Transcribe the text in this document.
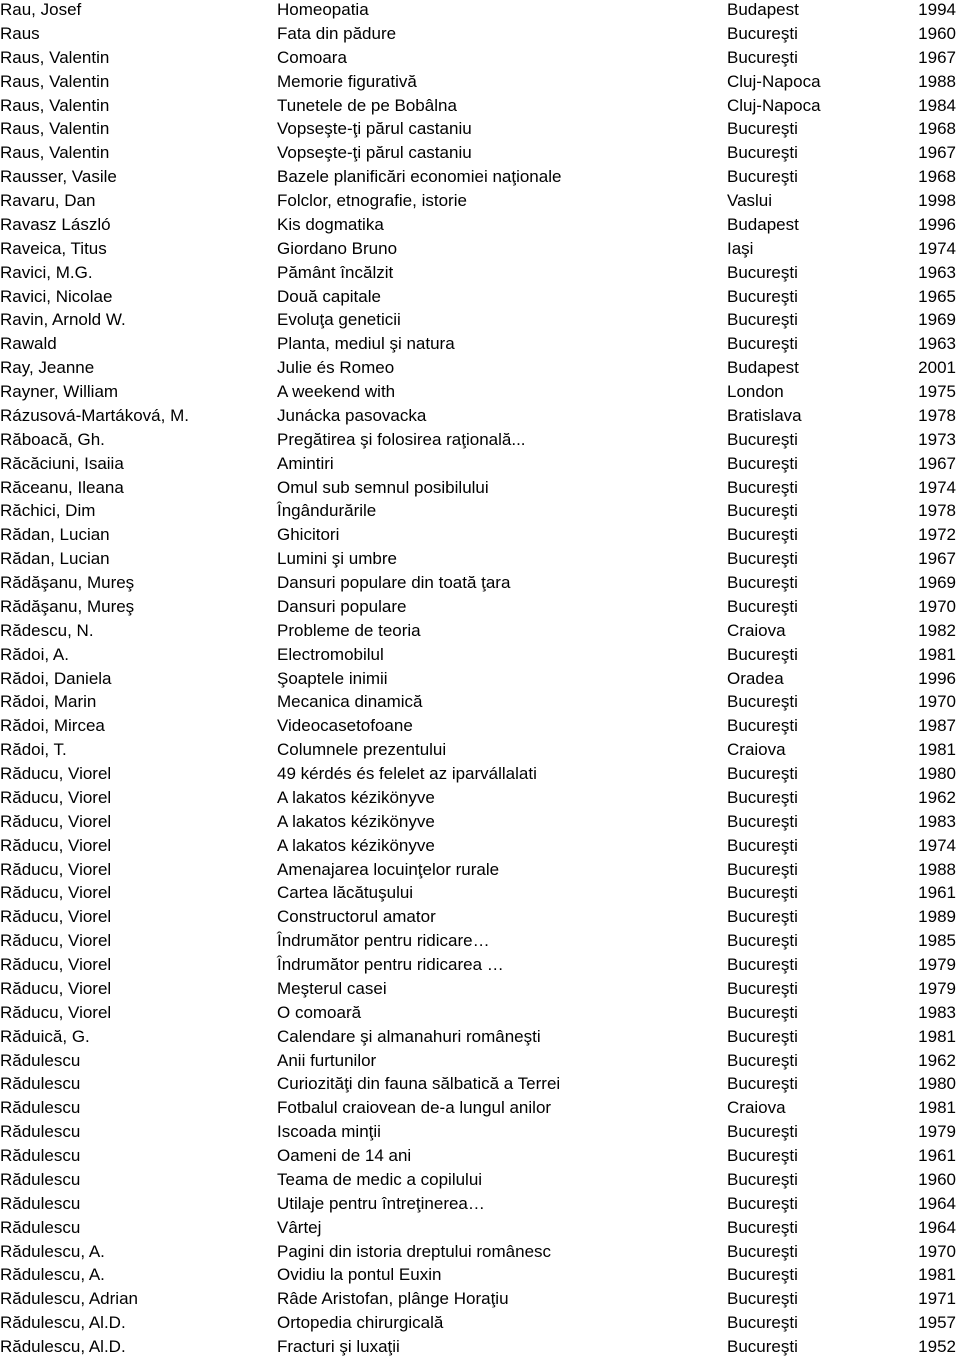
Rau, Josef	Homeopatia	Budapest	1994
Raus	Fata din pădure	Bucureşti	1960
Raus, Valentin	Comoara	Bucureşti	1967
Raus, Valentin	Memorie figurativă	Cluj-Napoca	1988
Raus, Valentin	Tunetele de pe Bobâlna	Cluj-Napoca	1984
Raus, Valentin	Vopseşte-ţi părul castaniu	Bucureşti	1968
Raus, Valentin	Vopseşte-ţi părul castaniu	Bucureşti	1967
Rausser, Vasile	Bazele planificări economiei naţionale	Bucureşti	1968
Ravaru, Dan	Folclor, etnografie, istorie	Vaslui	1998
Ravasz László	Kis dogmatika	Budapest	1996
Raveica, Titus	Giordano Bruno	Iaşi	1974
Ravici, M.G.	Pământ încălzit	Bucureşti	1963
Ravici, Nicolae	Două capitale	Bucureşti	1965
Ravin, Arnold W.	Evoluţa geneticii	Bucureşti	1969
Rawald	Planta, mediul şi natura	Bucureşti	1963
Ray, Jeanne	Julie és Romeo	Budapest	2001
Rayner, William	A weekend with	London	1975
Rázusová-Martáková, M.	Junácka pasovacka	Bratislava	1978
Răboacă, Gh.	Pregătirea şi folosirea raţională...	Bucureşti	1973
Răcăciuni, Isaiia	Amintiri	Bucureşti	1967
Răceanu, Ileana	Omul sub semnul posibilului	Bucureşti	1974
Răchici, Dim	Îngândurările	Bucureşti	1978
Rădan, Lucian	Ghicitori	Bucureşti	1972
Rădan, Lucian	Lumini şi umbre	Bucureşti	1967
Rădăşanu, Mureş	Dansuri populare din toată ţara	Bucureşti	1969
Rădăşanu, Mureş	Dansuri populare	Bucureşti	1970
Rădescu, N.	Probleme de teoria	Craiova	1982
Rădoi, A.	Electromobilul	Bucureşti	1981
Rădoi, Daniela	Şoaptele inimii	Oradea	1996
Rădoi, Marin	Mecanica dinamică	Bucureşti	1970
Rădoi, Mircea	Videocasetofoane	Bucureşti	1987
Rădoi, T.	Columnele prezentului	Craiova	1981
Răducu, Viorel	49 kérdés és felelet az iparvállalati	Bucureşti	1980
Răducu, Viorel	A lakatos kézikönyve	Bucureşti	1962
Răducu, Viorel	A lakatos kézikönyve	Bucureşti	1983
Răducu, Viorel	A lakatos kézikönyve	Bucureşti	1974
Răducu, Viorel	Amenajarea locuinţelor rurale	Bucureşti	1988
Răducu, Viorel	Cartea lăcătuşului	Bucureşti	1961
Răducu, Viorel	Constructorul amator	Bucureşti	1989
Răducu, Viorel	Îndrumător pentru ridicare…	Bucureşti	1985
Răducu, Viorel	Îndrumător pentru ridicarea …	Bucureşti	1979
Răducu, Viorel	Meşterul casei	Bucureşti	1979
Răducu, Viorel	O comoară	Bucureşti	1983
Răduică, G.	Calendare şi almanahuri româneşti	Bucureşti	1981
Rădulescu	Anii furtunilor	Bucureşti	1962
Rădulescu	Curiozităţi din fauna sălbatică a Terrei	Bucureşti	1980
Rădulescu	Fotbalul craiovean de-a lungul anilor	Craiova	1981
Rădulescu	Iscoada minţii	Bucureşti	1979
Rădulescu	Oameni de 14 ani	Bucureşti	1961
Rădulescu	Teama de medic a copilului	Bucureşti	1960
Rădulescu	Utilaje pentru întreţinerea…	Bucureşti	1964
Rădulescu	Vârtej	Bucureşti	1964
Rădulescu, A.	Pagini din istoria dreptului românesc	Bucureşti	1970
Rădulescu, A.	Ovidiu la pontul Euxin	Bucureşti	1981
Rădulescu, Adrian	Râde Aristofan, plânge Horaţiu	Bucureşti	1971
Rădulescu, Al.D.	Ortopedia chirurgicală	Bucureşti	1957
Rădulescu, Al.D.	Fracturi şi luxaţii	Bucureşti	1952
